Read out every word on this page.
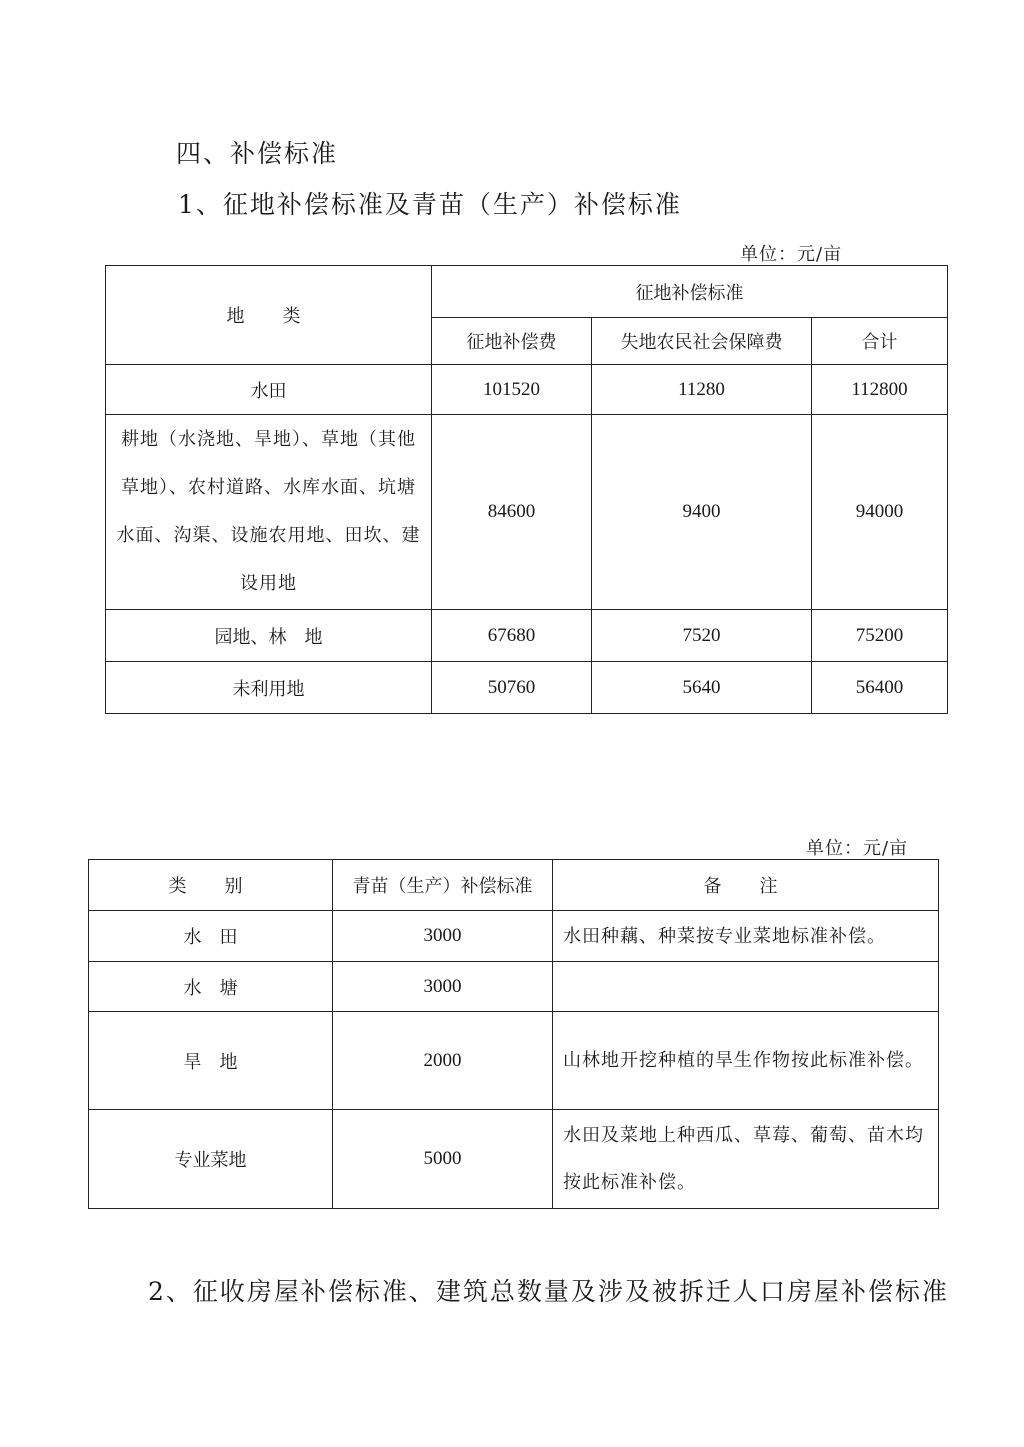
四、补偿标准
1、征地补偿标准及青苗（生产）补偿标准
单位：元/亩
地　类	征地补偿标准		
	征地补偿费	失地农民社会保障费	合计
水田	101520	11280	112800
耕地（水浇地、旱地）、草地（其他草地）、农村道路、水库水面、坑塘水面、沟渠、设施农用地、田坎、建设用地	84600	9400	94000
园地、林　地	67680	7520	75200
未利用地	50760	5640	56400
单位：元/亩
类　别	青苗（生产）补偿标准	备　注
水　田	3000	水田种藕、种菜按专业菜地标准补偿。
水　塘	3000	
旱　地	2000	山林地开挖种植的旱生作物按此标准补偿。
专业菜地	5000	水田及菜地上种西瓜、草莓、葡萄、苗木均按此标准补偿。
2、征收房屋补偿标准、建筑总数量及涉及被拆迁人口房屋补偿标准
